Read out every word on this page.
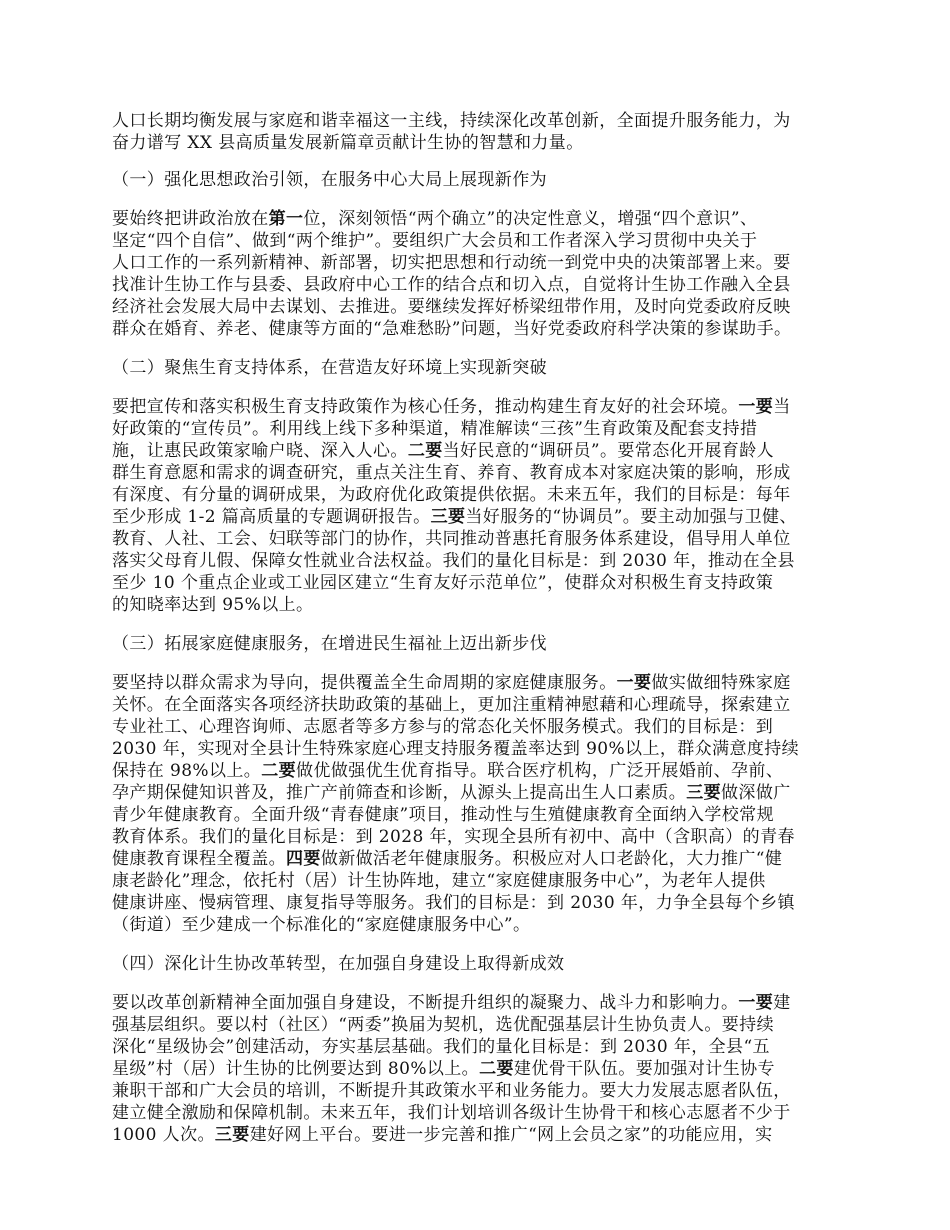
人口长期均衡发展与家庭和谐幸福这一主线，持续深化改革创新，全面提升服务能力，为
奋力谱写 XX 县高质量发展新篇章贡献计生协的智慧和力量。
（一）强化思想政治引领，在服务中心大局上展现新作为
要始终把讲政治放在第一位，深刻领悟“两个确立”的决定性意义，增强“四个意识”、
坚定“四个自信”、做到“两个维护”。要组织广大会员和工作者深入学习贯彻中央关于
人口工作的一系列新精神、新部署，切实把思想和行动统一到党中央的决策部署上来。要
找准计生协工作与县委、县政府中心工作的结合点和切入点，自觉将计生协工作融入全县
经济社会发展大局中去谋划、去推进。要继续发挥好桥梁纽带作用，及时向党委政府反映
群众在婚育、养老、健康等方面的“急难愁盼”问题，当好党委政府科学决策的参谋助手。
（二）聚焦生育支持体系，在营造友好环境上实现新突破
要把宣传和落实积极生育支持政策作为核心任务，推动构建生育友好的社会环境。一要当
好政策的“宣传员”。利用线上线下多种渠道，精准解读“三孩”生育政策及配套支持措
施，让惠民政策家喻户晓、深入人心。二要当好民意的“调研员”。要常态化开展育龄人
群生育意愿和需求的调查研究，重点关注生育、养育、教育成本对家庭决策的影响，形成
有深度、有分量的调研成果，为政府优化政策提供依据。未来五年，我们的目标是：每年
至少形成 1-2 篇高质量的专题调研报告。三要当好服务的“协调员”。要主动加强与卫健、
教育、人社、工会、妇联等部门的协作，共同推动普惠托育服务体系建设，倡导用人单位
落实父母育儿假、保障女性就业合法权益。我们的量化目标是：到 2030 年，推动在全县
至少 10 个重点企业或工业园区建立“生育友好示范单位”，使群众对积极生育支持政策
的知晓率达到 95%以上。
（三）拓展家庭健康服务，在增进民生福祉上迈出新步伐
要坚持以群众需求为导向，提供覆盖全生命周期的家庭健康服务。一要做实做细特殊家庭
关怀。在全面落实各项经济扶助政策的基础上，更加注重精神慰藉和心理疏导，探索建立
专业社工、心理咨询师、志愿者等多方参与的常态化关怀服务模式。我们的目标是：到
2030 年，实现对全县计生特殊家庭心理支持服务覆盖率达到 90%以上，群众满意度持续
保持在 98%以上。二要做优做强优生优育指导。联合医疗机构，广泛开展婚前、孕前、
孕产期保健知识普及，推广产前筛查和诊断，从源头上提高出生人口素质。三要做深做广
青少年健康教育。全面升级“青春健康”项目，推动性与生殖健康教育全面纳入学校常规
教育体系。我们的量化目标是：到 2028 年，实现全县所有初中、高中（含职高）的青春
健康教育课程全覆盖。四要做新做活老年健康服务。积极应对人口老龄化，大力推广“健
康老龄化”理念，依托村（居）计生协阵地，建立“家庭健康服务中心”，为老年人提供
健康讲座、慢病管理、康复指导等服务。我们的目标是：到 2030 年，力争全县每个乡镇
（街道）至少建成一个标准化的“家庭健康服务中心”。
（四）深化计生协改革转型，在加强自身建设上取得新成效
要以改革创新精神全面加强自身建设，不断提升组织的凝聚力、战斗力和影响力。一要建
强基层组织。要以村（社区）“两委”换届为契机，选优配强基层计生协负责人。要持续
深化“星级协会”创建活动，夯实基层基础。我们的量化目标是：到 2030 年，全县“五
星级”村（居）计生协的比例要达到 80%以上。二要建优骨干队伍。要加强对计生协专
兼职干部和广大会员的培训，不断提升其政策水平和业务能力。要大力发展志愿者队伍，
建立健全激励和保障机制。未来五年，我们计划培训各级计生协骨干和核心志愿者不少于
1000 人次。三要建好网上平台。要进一步完善和推广“网上会员之家”的功能应用，实
